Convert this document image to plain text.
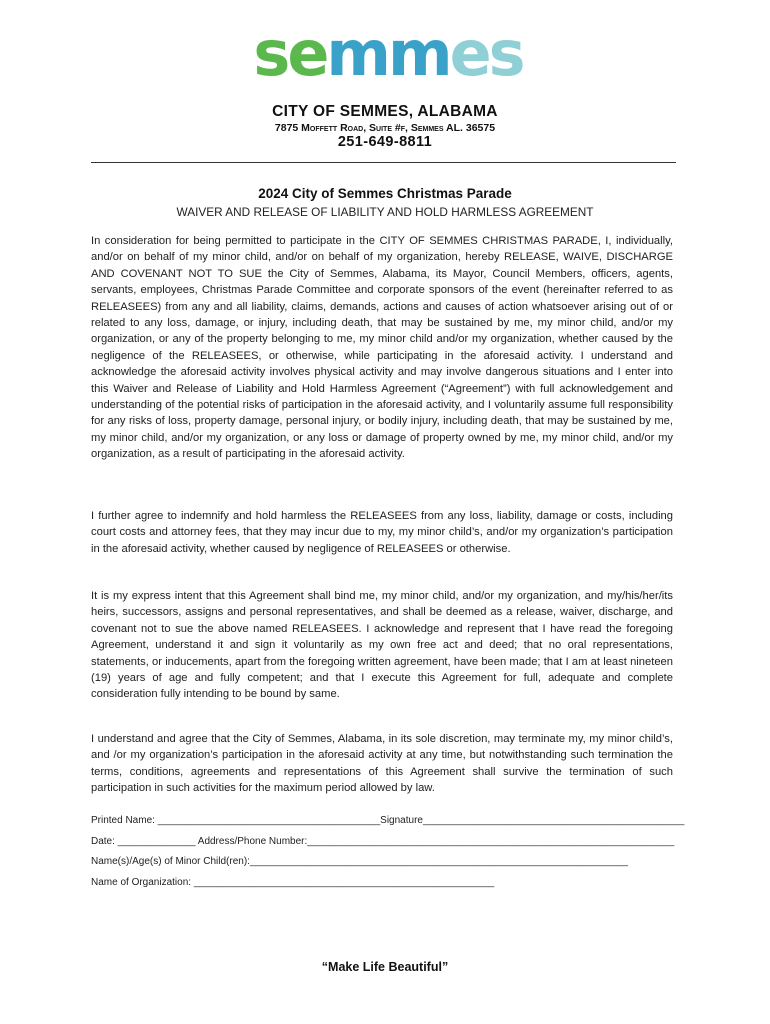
semmes
CITY OF SEMMES, ALABAMA
7875 Moffett Road, Suite #f, Semmes AL. 36575
251-649-8811
2024 City of Semmes Christmas Parade
WAIVER AND RELEASE OF LIABILITY AND HOLD HARMLESS AGREEMENT

In consideration for being permitted to participate in the CITY OF SEMMES CHRISTMAS PARADE, I, individually, and/or on behalf of my minor child, and/or on behalf of my organization, hereby RELEASE, WAIVE, DISCHARGE AND COVENANT NOT TO SUE the City of Semmes, Alabama, its Mayor, Council Members, officers, agents, servants, employees, Christmas Parade Committee and corporate sponsors of the event (hereinafter referred to as RELEASEES) from any and all liability, claims, demands, actions and causes of action whatsoever arising out of or related to any loss, damage, or injury, including death, that may be sustained by me, my minor child, and/or my organization, or any of the property belonging to me, my minor child and/or my organization, whether caused by the negligence of the RELEASEES, or otherwise, while participating in the aforesaid activity. I understand and acknowledge the aforesaid activity involves physical activity and may involve dangerous situations and I enter into this Waiver and Release of Liability and Hold Harmless Agreement (“Agreement”) with full acknowledgement and understanding of the potential risks of participation in the aforesaid activity, and I voluntarily assume full responsibility for any risks of loss, property damage, personal injury, or bodily injury, including death, that may be sustained by me, my minor child, and/or my organization, or any loss or damage of property owned by me, my minor child, and/or my organization, as a result of participating in the aforesaid activity.

I further agree to indemnify and hold harmless the RELEASEES from any loss, liability, damage or costs, including court costs and attorney fees, that they may incur due to my, my minor child’s, and/or my organization’s participation in the aforesaid activity, whether caused by negligence of RELEASEES or otherwise.

It is my express intent that this Agreement shall bind me, my minor child, and/or my organization, and my/his/her/its heirs, successors, assigns and personal representatives, and shall be deemed as a release, waiver, discharge, and covenant not to sue the above named RELEASEES. I acknowledge and represent that I have read the foregoing Agreement, understand it and sign it voluntarily as my own free act and deed; that no oral representations, statements, or inducements, apart from the foregoing written agreement, have been made; that I am at least nineteen (19) years of age and fully competent; and that I execute this Agreement for full, adequate and complete consideration fully intending to be bound by same.

I understand and agree that the City of Semmes, Alabama, in its sole discretion, may terminate my, my minor child’s, and /or my organization’s participation in the aforesaid activity at any time, but notwithstanding such termination the terms, conditions, agreements and representations of this Agreement shall survive the termination of such participation in such activities for the maximum period allowed by law.

Printed Name: ________________________________________Signature_______________________________________________
Date: ______________ Address/Phone Number:__________________________________________________________________
Name(s)/Age(s) of Minor Child(ren):____________________________________________________________________
Name of Organization: ______________________________________________________
“Make Life Beautiful”
